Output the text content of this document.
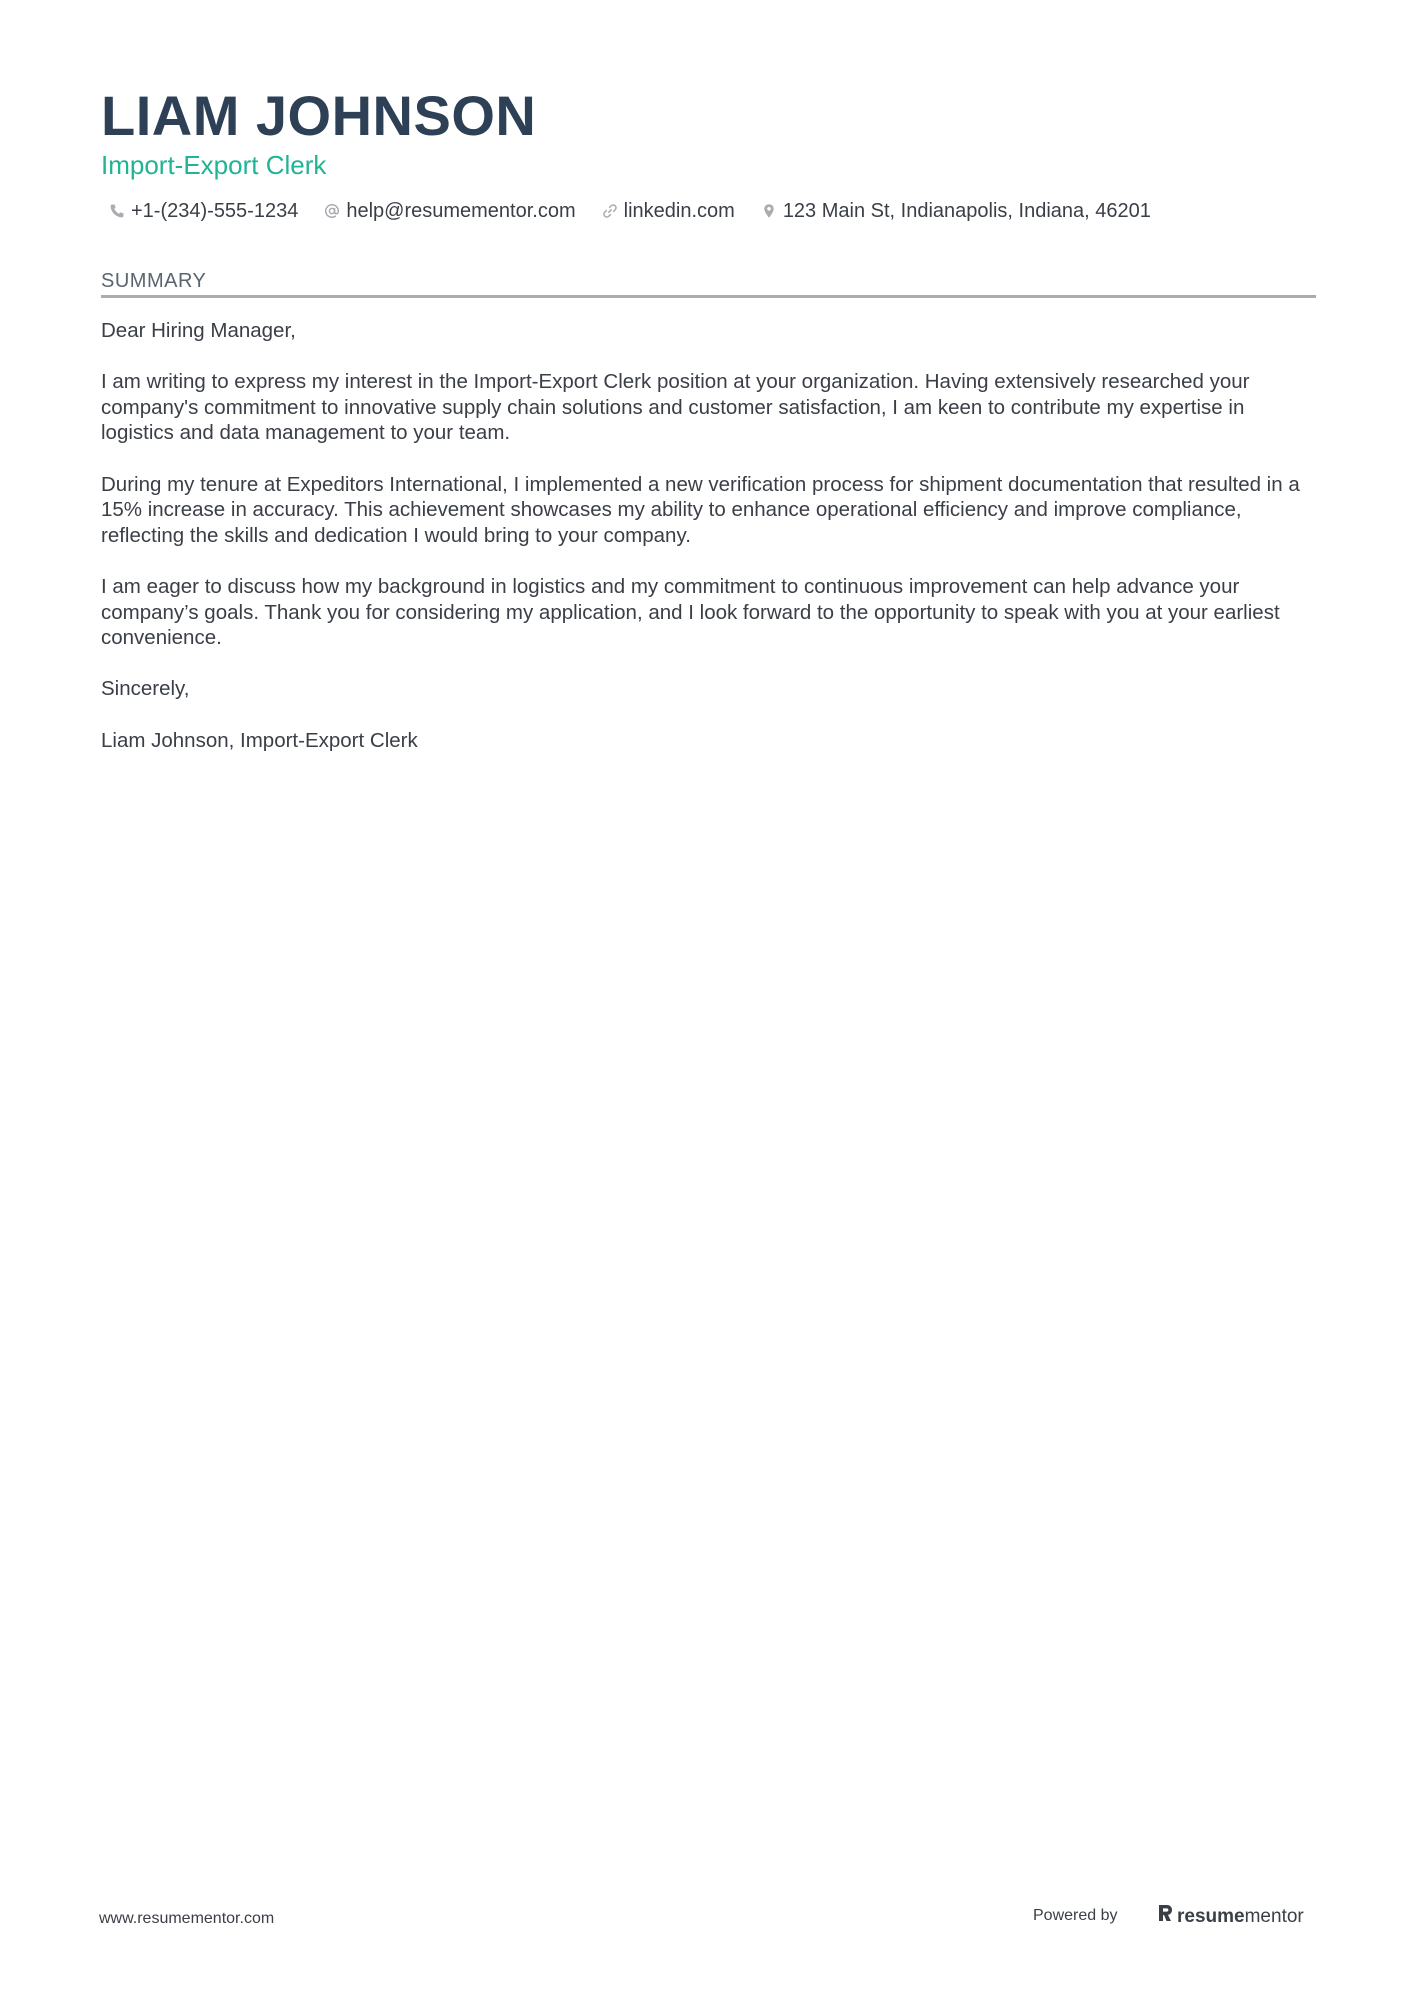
LIAM JOHNSON
Import-Export Clerk
+1-(234)-555-1234 help@resumementor.com linkedin.com 123 Main St, Indianapolis, Indiana, 46201
SUMMARY

Dear Hiring Manager,

I am writing to express my interest in the Import-Export Clerk position at your organization. Having extensively researched your company's commitment to innovative supply chain solutions and customer satisfaction, I am keen to contribute my expertise in logistics and data management to your team.

During my tenure at Expeditors International, I implemented a new verification process for shipment documentation that resulted in a 15% increase in accuracy. This achievement showcases my ability to enhance operational efficiency and improve compliance, reflecting the skills and dedication I would bring to your company.

I am eager to discuss how my background in logistics and my commitment to continuous improvement can help advance your company’s goals. Thank you for considering my application, and I look forward to the opportunity to speak with you at your earliest convenience.

Sincerely,

Liam Johnson, Import-Export Clerk

www.resumementor.com	Powered by	resume mentor
